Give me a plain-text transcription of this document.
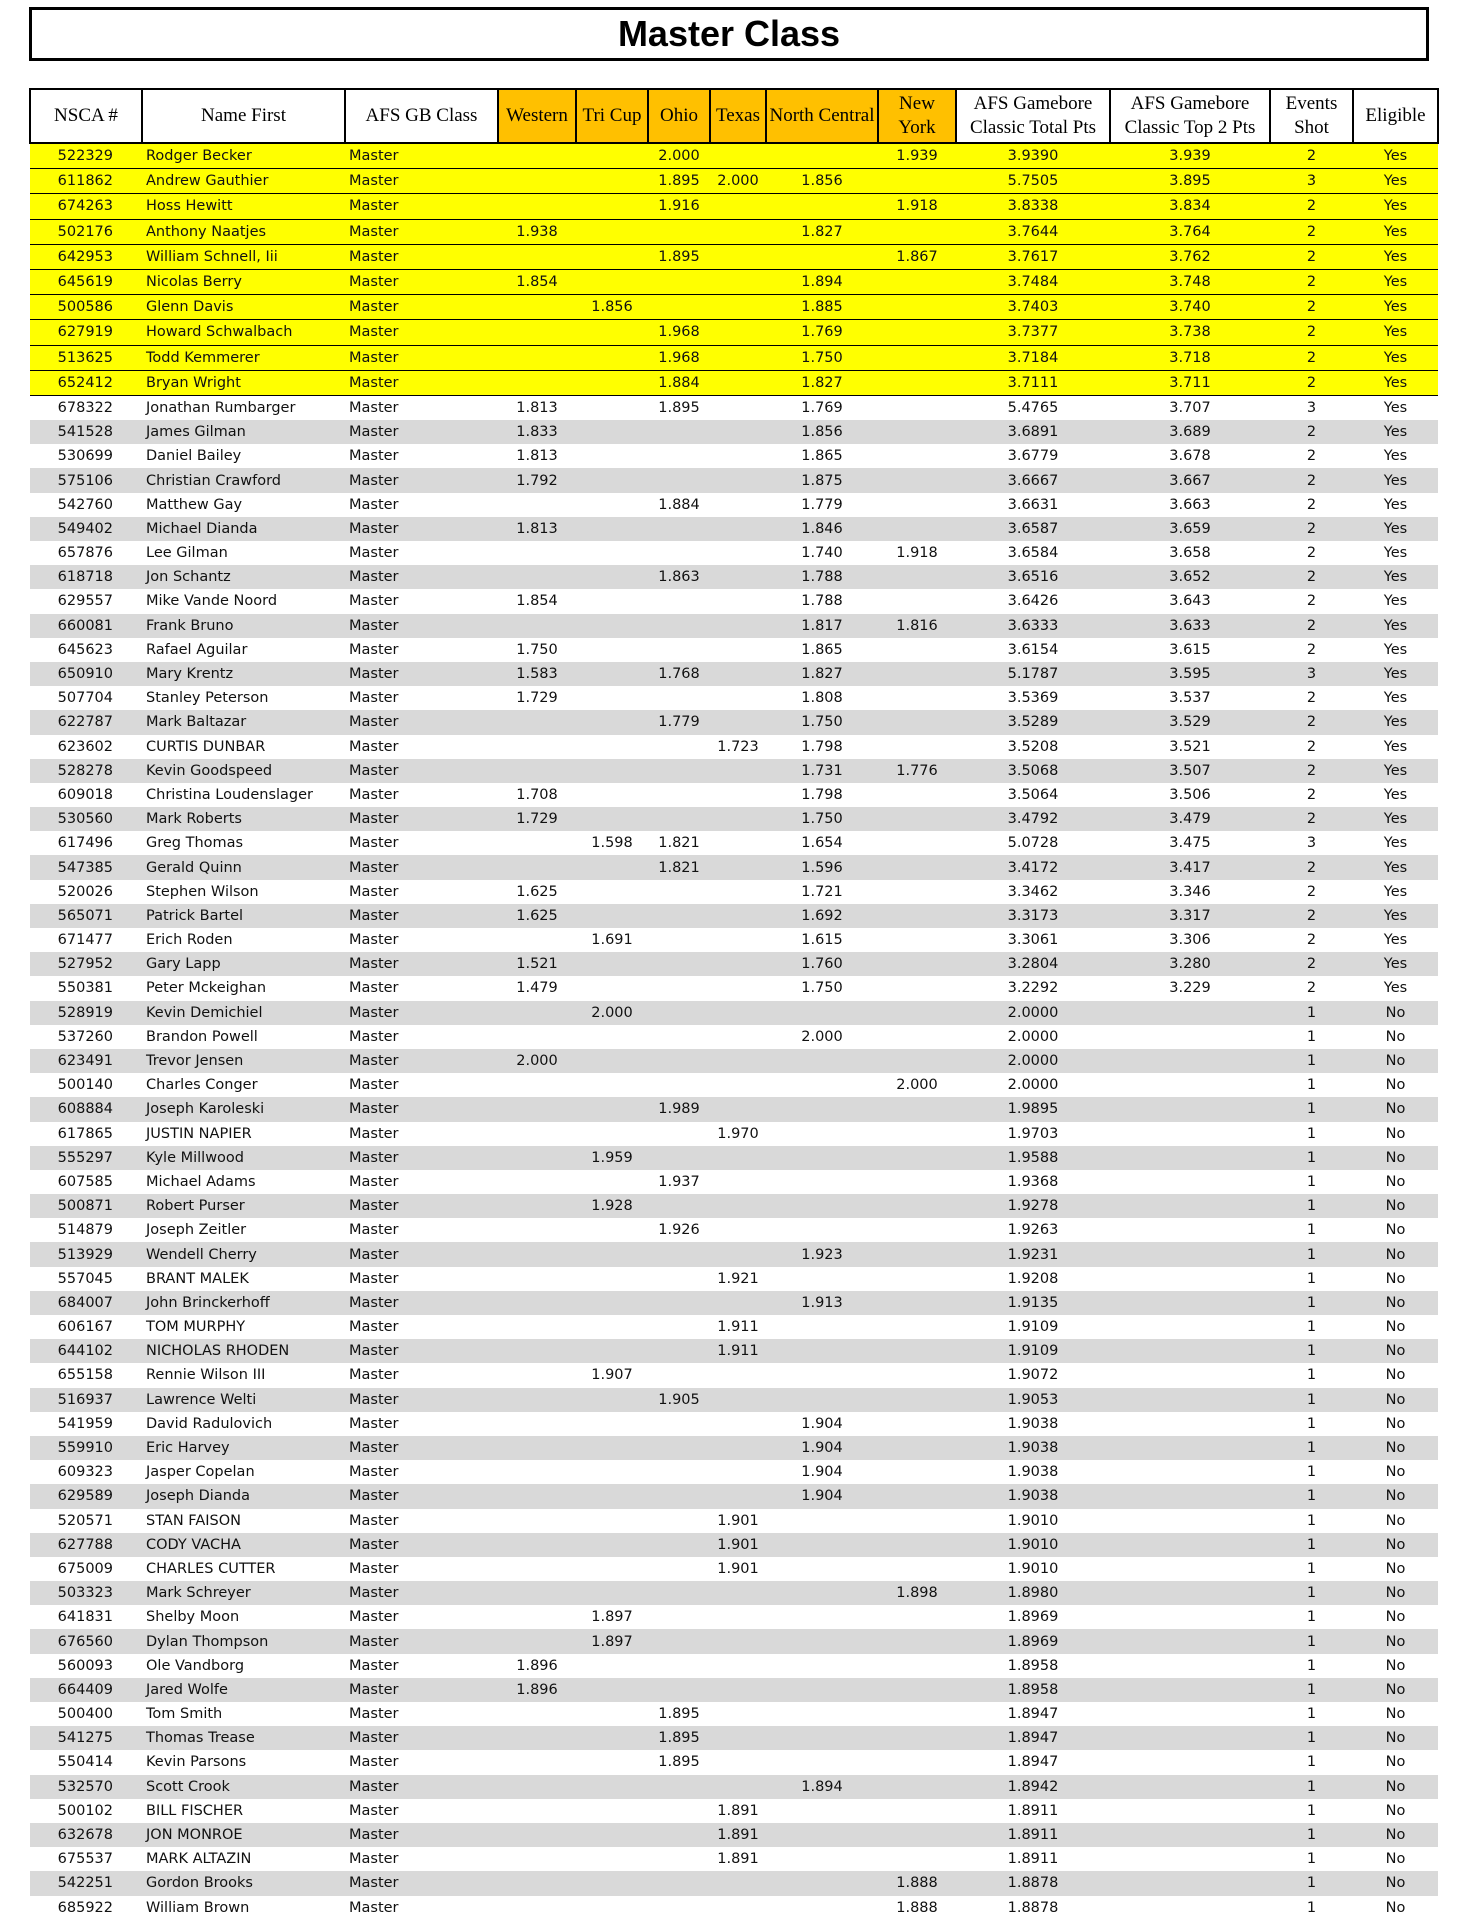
Master Class
NSCA #	Name First	AFS GB Class	Western	Tri Cup	Ohio	Texas	North Central	New York	AFS Gamebore Classic Total Pts	AFS Gamebore Classic Top 2 Pts	Events Shot	Eligible
522329	Rodger Becker	Master			2.000			1.939	3.9390	3.939	2	Yes
611862	Andrew Gauthier	Master			1.895	2.000	1.856		5.7505	3.895	3	Yes
674263	Hoss Hewitt	Master			1.916			1.918	3.8338	3.834	2	Yes
502176	Anthony Naatjes	Master	1.938				1.827		3.7644	3.764	2	Yes
642953	William Schnell, Iii	Master			1.895			1.867	3.7617	3.762	2	Yes
645619	Nicolas Berry	Master	1.854				1.894		3.7484	3.748	2	Yes
500586	Glenn Davis	Master		1.856			1.885		3.7403	3.740	2	Yes
627919	Howard Schwalbach	Master			1.968		1.769		3.7377	3.738	2	Yes
513625	Todd Kemmerer	Master			1.968		1.750		3.7184	3.718	2	Yes
652412	Bryan Wright	Master			1.884		1.827		3.7111	3.711	2	Yes
678322	Jonathan Rumbarger	Master	1.813		1.895		1.769		5.4765	3.707	3	Yes
541528	James Gilman	Master	1.833				1.856		3.6891	3.689	2	Yes
530699	Daniel Bailey	Master	1.813				1.865		3.6779	3.678	2	Yes
575106	Christian Crawford	Master	1.792				1.875		3.6667	3.667	2	Yes
542760	Matthew Gay	Master			1.884		1.779		3.6631	3.663	2	Yes
549402	Michael Dianda	Master	1.813				1.846		3.6587	3.659	2	Yes
657876	Lee Gilman	Master					1.740	1.918	3.6584	3.658	2	Yes
618718	Jon Schantz	Master			1.863		1.788		3.6516	3.652	2	Yes
629557	Mike Vande Noord	Master	1.854				1.788		3.6426	3.643	2	Yes
660081	Frank Bruno	Master					1.817	1.816	3.6333	3.633	2	Yes
645623	Rafael Aguilar	Master	1.750				1.865		3.6154	3.615	2	Yes
650910	Mary Krentz	Master	1.583		1.768		1.827		5.1787	3.595	3	Yes
507704	Stanley Peterson	Master	1.729				1.808		3.5369	3.537	2	Yes
622787	Mark Baltazar	Master			1.779		1.750		3.5289	3.529	2	Yes
623602	CURTIS DUNBAR	Master				1.723	1.798		3.5208	3.521	2	Yes
528278	Kevin Goodspeed	Master					1.731	1.776	3.5068	3.507	2	Yes
609018	Christina Loudenslager	Master	1.708				1.798		3.5064	3.506	2	Yes
530560	Mark Roberts	Master	1.729				1.750		3.4792	3.479	2	Yes
617496	Greg Thomas	Master		1.598	1.821		1.654		5.0728	3.475	3	Yes
547385	Gerald Quinn	Master			1.821		1.596		3.4172	3.417	2	Yes
520026	Stephen Wilson	Master	1.625				1.721		3.3462	3.346	2	Yes
565071	Patrick Bartel	Master	1.625				1.692		3.3173	3.317	2	Yes
671477	Erich Roden	Master		1.691			1.615		3.3061	3.306	2	Yes
527952	Gary Lapp	Master	1.521				1.760		3.2804	3.280	2	Yes
550381	Peter Mckeighan	Master	1.479				1.750		3.2292	3.229	2	Yes
528919	Kevin Demichiel	Master		2.000					2.0000		1	No
537260	Brandon Powell	Master					2.000		2.0000		1	No
623491	Trevor Jensen	Master	2.000						2.0000		1	No
500140	Charles Conger	Master						2.000	2.0000		1	No
608884	Joseph Karoleski	Master			1.989				1.9895		1	No
617865	JUSTIN NAPIER	Master				1.970			1.9703		1	No
555297	Kyle Millwood	Master		1.959					1.9588		1	No
607585	Michael Adams	Master			1.937				1.9368		1	No
500871	Robert Purser	Master		1.928					1.9278		1	No
514879	Joseph Zeitler	Master			1.926				1.9263		1	No
513929	Wendell Cherry	Master					1.923		1.9231		1	No
557045	BRANT MALEK	Master				1.921			1.9208		1	No
684007	John Brinckerhoff	Master					1.913		1.9135		1	No
606167	TOM MURPHY	Master				1.911			1.9109		1	No
644102	NICHOLAS RHODEN	Master				1.911			1.9109		1	No
655158	Rennie Wilson III	Master		1.907					1.9072		1	No
516937	Lawrence Welti	Master			1.905				1.9053		1	No
541959	David Radulovich	Master					1.904		1.9038		1	No
559910	Eric Harvey	Master					1.904		1.9038		1	No
609323	Jasper Copelan	Master					1.904		1.9038		1	No
629589	Joseph Dianda	Master					1.904		1.9038		1	No
520571	STAN FAISON	Master				1.901			1.9010		1	No
627788	CODY VACHA	Master				1.901			1.9010		1	No
675009	CHARLES CUTTER	Master				1.901			1.9010		1	No
503323	Mark Schreyer	Master						1.898	1.8980		1	No
641831	Shelby Moon	Master		1.897					1.8969		1	No
676560	Dylan Thompson	Master		1.897					1.8969		1	No
560093	Ole Vandborg	Master	1.896						1.8958		1	No
664409	Jared Wolfe	Master	1.896						1.8958		1	No
500400	Tom Smith	Master			1.895				1.8947		1	No
541275	Thomas Trease	Master			1.895				1.8947		1	No
550414	Kevin Parsons	Master			1.895				1.8947		1	No
532570	Scott Crook	Master					1.894		1.8942		1	No
500102	BILL FISCHER	Master				1.891			1.8911		1	No
632678	JON MONROE	Master				1.891			1.8911		1	No
675537	MARK ALTAZIN	Master				1.891			1.8911		1	No
542251	Gordon Brooks	Master						1.888	1.8878		1	No
685922	William Brown	Master						1.888	1.8878		1	No
